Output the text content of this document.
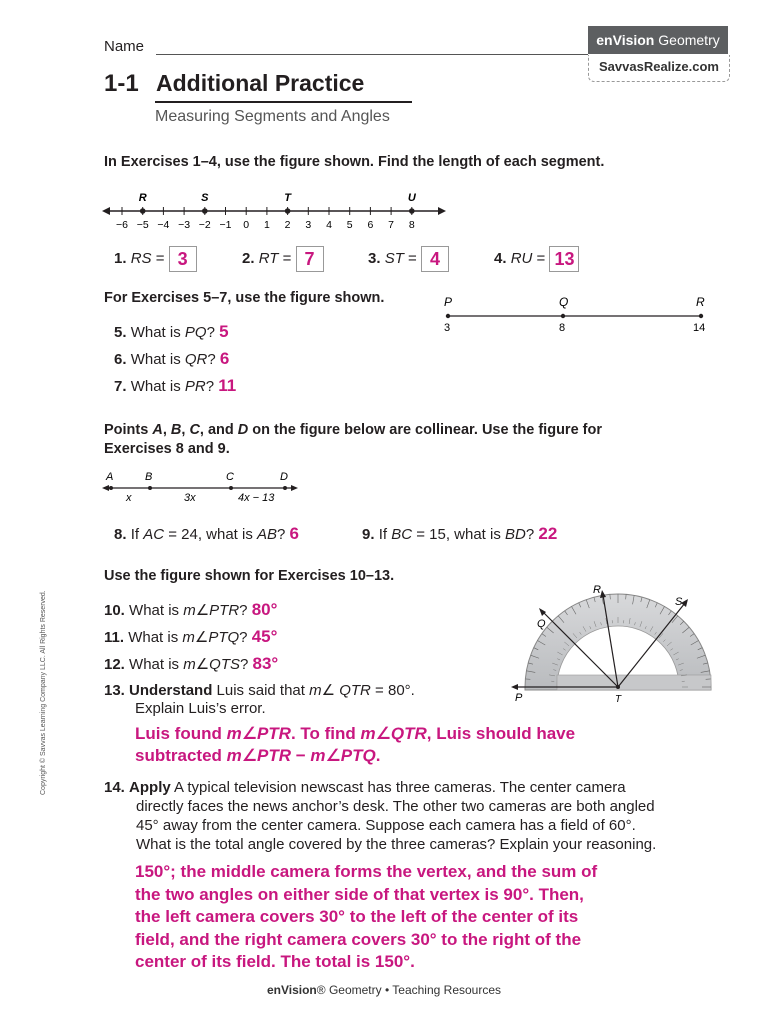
Name	enVision Geometry
SavvasRealize.com
1-1 Additional Practice
Measuring Segments and Angles
In Exercises 1–4, use the figure shown. Find the length of each segment.
−6 −5 −4 −3 −2 −1 0 1 2 3 4 5 6 7 8
R	S	T	U
1. RS = 3	2. RT = 7	3. ST = 4	4. RU = 13
For Exercises 5–7, use the figure shown.	P	Q	R
3	8	14
5. What is PQ? 5
6. What is QR? 6
7. What is PR? 11
Points A, B, C, and D on the figure below are collinear. Use the figure for
Exercises 8 and 9.
A	B	C	D
x	3x	4x − 13
8. If AC = 24, what is AB? 6	9. If BC = 15, what is BD? 22
Use the figure shown for Exercises 10–13.
10. What is m∠PTR? 80°
11. What is m∠PTQ? 45°
12. What is m∠QTS? 83°
13. Understand Luis said that m∠ QTR = 80°.
Explain Luis’s error.
Luis found m∠PTR. To find m∠QTR, Luis should have
subtracted m∠PTR − m∠PTQ.
R
S
Q
P	T
14. Apply A typical television newscast has three cameras. The center camera
directly faces the news anchor’s desk. The other two cameras are both angled
45° away from the center camera. Suppose each camera has a field of 60°.
What is the total angle covered by the three cameras? Explain your reasoning.
150°; the middle camera forms the vertex, and the sum of
the two angles on either side of that vertex is 90°. Then,
the left camera covers 30° to the left of the center of its
field, and the right camera covers 30° to the right of the
center of its field. The total is 150°.
Copyright © Savvas Learning Company LLC. All Rights Reserved.
enVision® Geometry • Teaching Resources
